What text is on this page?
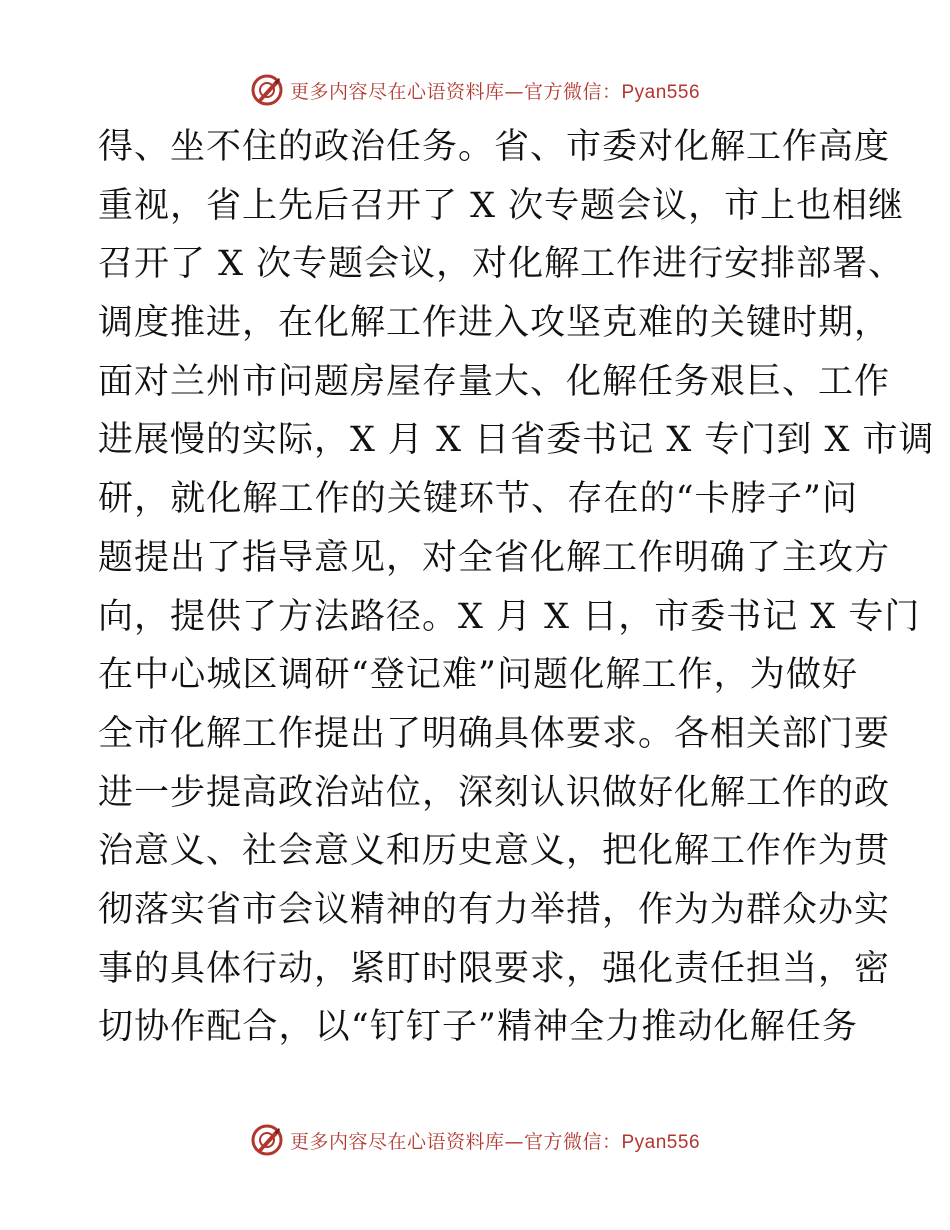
更多内容尽在心语资料库—官方微信：Pyan556
得、坐不住的政治任务。省、市委对化解工作高度
重视，省上先后召开了 X 次专题会议，市上也相继
召开了 X 次专题会议，对化解工作进行安排部署、
调度推进，在化解工作进入攻坚克难的关键时期，
面对兰州市问题房屋存量大、化解任务艰巨、工作
进展慢的实际，X 月 X 日省委书记 X 专门到 X 市调
研，就化解工作的关键环节、存在的“卡脖子”问
题提出了指导意见，对全省化解工作明确了主攻方
向，提供了方法路径。X 月 X 日，市委书记 X 专门
在中心城区调研“登记难”问题化解工作，为做好
全市化解工作提出了明确具体要求。各相关部门要
进一步提高政治站位，深刻认识做好化解工作的政
治意义、社会意义和历史意义，把化解工作作为贯
彻落实省市会议精神的有力举措，作为为群众办实
事的具体行动，紧盯时限要求，强化责任担当，密
切协作配合，以“钉钉子”精神全力推动化解任务
更多内容尽在心语资料库—官方微信：Pyan556
